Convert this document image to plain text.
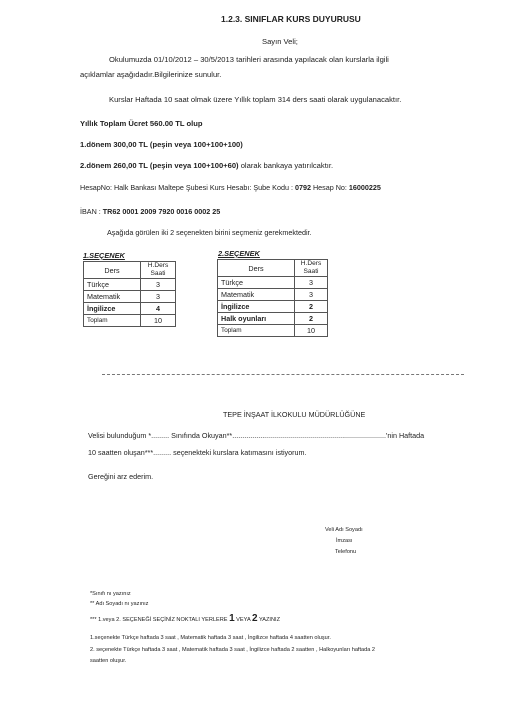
1.2.3. SINIFLAR KURS DUYURUSU
Sayın Veli;
Okulumuzda 01/10/2012 – 30/5/2013 tarihleri arasında yapılacak olan kurslarla ilgili
açıklamlar aşağıdadır.Bilgilerinize sunulur.
Kurslar Haftada 10 saat olmak üzere Yıllık toplam 314 ders saati olarak uygulanacaktır.
Yıllık Toplam Ücret 560.00 TL olup
1.dönem 300,00 TL (peşin veya 100+100+100)
2.dönem 260,00 TL (peşin veya 100+100+60) olarak bankaya yatırılcaktır.
HesapNo: Halk Bankası Maltepe Şubesi Kurs Hesabı: Şube Kodu : 0792 Hesap No: 16000225
İBAN : TR62 0001 2009 7920 0016 0002 25
Aşağıda görülen iki 2 seçenekten birini seçmeniz gerekmektedir.
1.SEÇENEK
Ders	H.Ders Saati
Türkçe	3
Matematik	3
İngilizce	4
Toplam	10
2.SEÇENEK
Ders	H.Ders Saati
Türkçe	3
Matematik	3
İngilizce	2
Halk oyunları	2
Toplam	10
TEPE İNŞAAT İLKOKULU MÜDÜRLÜĞÜNE
Velisi bulunduğum *......... Sınıfında Okuyan**.............................................................................'nin Haftada
10 saatten oluşan***......... seçenekteki kurslara katımasını istiyorum.
Gereğini arz ederim.
Veli Adı Soyadı
İmzası
Telefonu
*Sınıfı nı yazınız
** Adı Soyadı nı yazınız
*** 1.veya 2. SEÇENEĞİ SEÇİNİZ NOKTALI YERLERE 1 VEYA 2 YAZINIZ
1.seçenekte Türkçe haftada 3 saat , Matematik haftada 3 saat , İngilizce haftada 4 saatten oluşur.
2. seçenekte Türkçe haftada 3 saat , Matematik haftada 3 saat , İngilizce haftada 2 saatten , Halkoyunları haftada 2
saatten oluşur.
